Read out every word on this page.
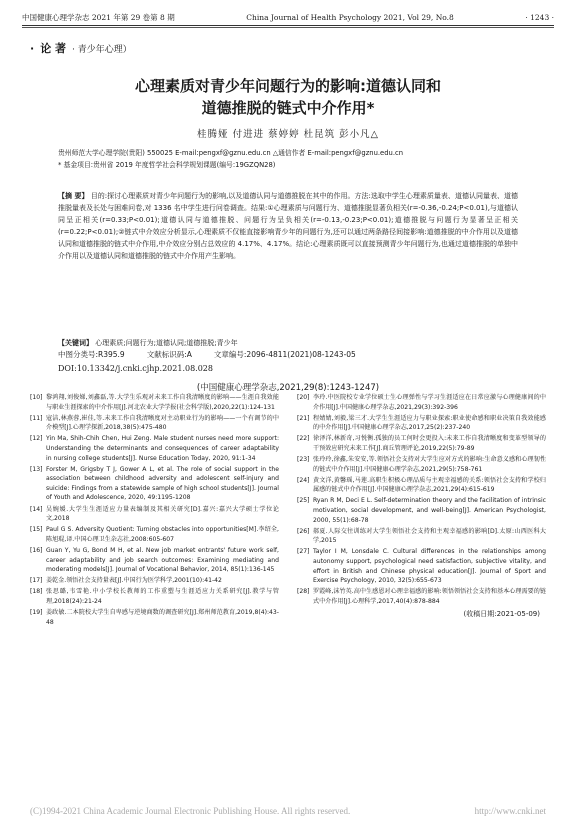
中国健康心理学杂志 2021 年第 29 卷第 8 期	China Journal of Health Psychology 2021, Vol 29, No.8	· 1243 ·
· 论 著 · 青少年心理）
心理素质对青少年问题行为的影响:道德认同和
道德推脱的链式中介作用*
桂腾娅 付进进 蔡婷婷 杜昆筑 彭小凡△
贵州师范大学心理学院(贵阳) 550025 E-mail:pengxf@gznu.edu.cn △通信作者 E-mail:pengxf@gznu.edu.cn
* 基金项目:贵州省 2019 年度哲学社会科学规划课题(编号:19GZQN28)
【摘 要】 目的:探讨心理素质对青少年问题行为的影响,以及道德认同与道德推脱在其中的作用。方法:选取中学生心理素质量表、道德认同量表、道德推脱量表及长处与困难问卷,对 1336 名中学生进行问卷调查。结果:①心理素质与问题行为、道德推脱显著负相关(r=-0.36,-0.24;P<0.01),与道德认同呈正相关(r=0.33;P<0.01);道德认同与道德推脱、问题行为呈负相关(r=-0.13,-0.23;P<0.01);道德推脱与问题行为显著呈正相关(r=0.22;P<0.01);②链式中介效应分析显示,心理素质不仅能直接影响青少年的问题行为,还可以通过两条路径间接影响:道德推脱的中介作用以及道德认同和道德推脱的链式中介作用,中介效应分别占总效应的 4.17%、4.17%。结论:心理素质既可以直接预测青少年问题行为,也通过道德推脱的单独中介作用以及道德认同和道德推脱的链式中介作用产生影响。
【关键词】 心理素质;问题行为;道德认同;道德推脱;青少年
中图分类号:R395.9	文献标识码:A	文章编号:2096-4811(2021)08-1243-05
DOI:10.13342/j.cnki.cjhp.2021.08.028
(中国健康心理学杂志,2021,29(8):1243-1247)
[10] 黎鸿翔,刘俊娣,刘鑫磊,等.大学生乐观对未来工作自我清晰度的影响——生涯自我效能与职业生涯探索的中介作用[J].河北农业大学学报(社会科学版),2020,22(1):124-131
[11] 寇洁,林燕蓉,崔佳,等.未来工作自我清晰度对主动职业行为的影响——一个有调节的中介模型[J].心理学探新,2018,38(5):475-480
[12] Yin Ma, Shih-Chih Chen, Hui Zeng. Male student nurses need more support: Understanding the determinants and consequences of career adaptability in nursing college students[J]. Nurse Education Today, 2020, 91:1-34
[13] Forster M, Grigsby T J, Gower A L, et al. The role of social support in the association between childhood adversity and adolescent self-injury and suicide: Findings from a statewide sample of high school students[J]. Journal of Youth and Adolescence, 2020, 49:1195-1208
[14] 吴婉媛.大学生生涯适应力量表编制及其相关研究[D].嘉兴:嘉兴大学硕士学位论文,2018
[15] Paul G S. Adversity Quotient: Turning obstacles into opportunities[M].李绍全,陈旭琨,译.中国心理卫生杂志社,2008:605-607
[16] Guan Y, Yu G, Bond M H, et al. New job market entrants' future work self, career adaptability and job search outcomes: Examining mediating and moderating models[J]. Journal of Vocational Behavior, 2014, 85(1):136-145
[17] 姜乾金.领悟社会支持量表[J].中国行为医学科学,2001(10):41-42
[18] 张思璐,韦雪艳.中小学校长教师的工作重塑与生涯适应力关系研究[J].教学与管理,2018(24):21-24
[19] 姜政敏.二本院校大学生自卑感与逆境商数的调查研究[J].郑州师范教育,2019,8(4):43-48
[20] 李玲.中医院校专业学位硕士生心理弹性与学习生涯适应在日常应激与心理健康间的中介作用[J].中国健康心理学杂志,2021,29(3):392-396
[21] 程婧婧,刘毅,梁三才.大学生生涯适应力与职业探索:职业使命感和职业决策自我效能感的中介作用[J].中国健康心理学杂志,2017,25(2):237-240
[22] 徐泽洋,林新奇,习悦衡.孤独的员工何时会更投入:未来工作自我清晰度和变革型领导的干预效应研究未来工作[J].商丘管理评论,2019,22(5):79-89
[23] 张玲玲,徐鑫,朱安安,等.领悟社会支持对大学生应对方式的影响:生命意义感和心理韧性的链式中介作用[J].中国健康心理学杂志,2021,29(5):758-761
[24] 黄文洋,黄馨瑶,马莲.高职生积极心理品质与主观幸福感的关系:领悟社会支持和学校归属感的链式中介作用[J].中国健康心理学杂志,2021,29(4):615-619
[25] Ryan R M, Deci E L. Self-determination theory and the facilitation of intrinsic motivation, social development, and well-being[J]. American Psychologist, 2000, 55(1):68-78
[26] 郝夏.人际交往训练对大学生领悟社会支持和主观幸福感的影响[D].太原:山西医科大学,2015
[27] Taylor I M, Lonsdale C. Cultural differences in the relationships among autonomy support, psychological need satisfaction, subjective vitality, and effort in British and Chinese physical education[J]. Journal of Sport and Exercise Psychology, 2010, 32(5):655-673
[28] 罗霞峰,沫竹英.高中生感恩对心理幸福感的影响:领悟领悟社会支持和基本心理需要的链式中介作用[J].心理科学,2017,40(4):878-884
(收稿日期:2021-05-09)
(C)1994-2021 China Academic Journal Electronic Publishing House. All rights reserved.	http://www.cnki.net
